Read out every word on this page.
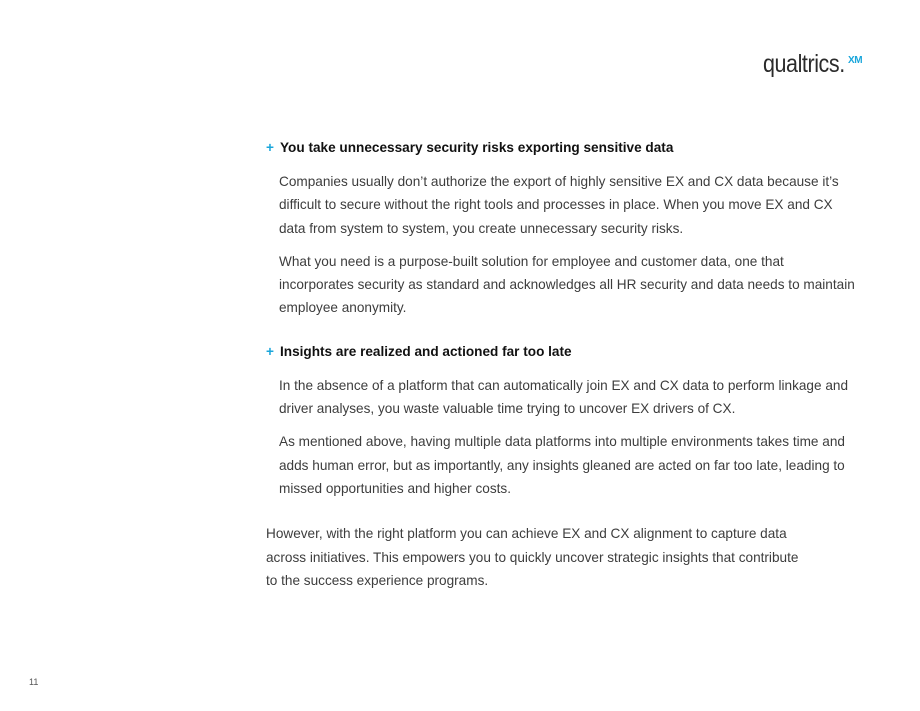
qualtrics. XM
+ You take unnecessary security risks exporting sensitive data

Companies usually don’t authorize the export of highly sensitive EX and CX data because it’s difficult to secure without the right tools and processes in place. When you move EX and CX data from system to system, you create unnecessary security risks.

What you need is a purpose-built solution for employee and customer data, one that incorporates security as standard and acknowledges all HR security and data needs to maintain employee anonymity.

+ Insights are realized and actioned far too late

In the absence of a platform that can automatically join EX and CX data to perform linkage and driver analyses, you waste valuable time trying to uncover EX drivers of CX.

As mentioned above, having multiple data platforms into multiple environments takes time and adds human error, but as importantly, any insights gleaned are acted on far too late, leading to missed opportunities and higher costs.

However, with the right platform you can achieve EX and CX alignment to capture data across initiatives. This empowers you to quickly uncover strategic insights that contribute to the success experience programs.

11
